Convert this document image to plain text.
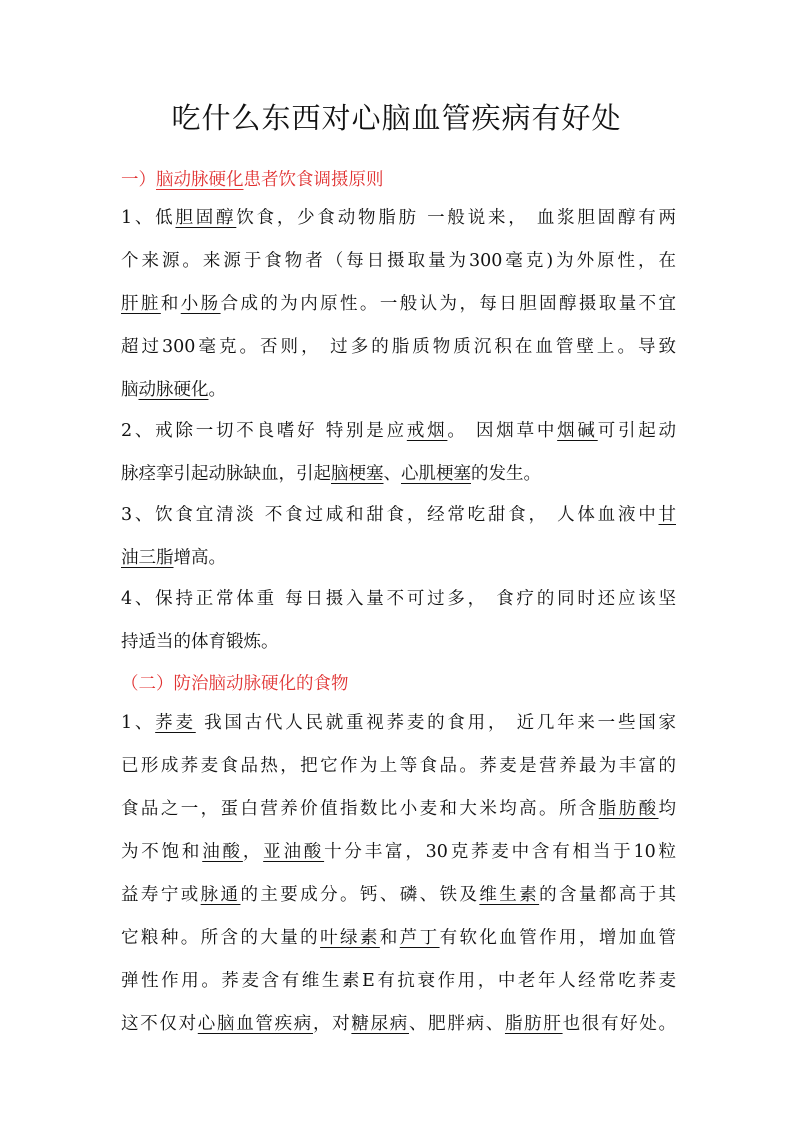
吃什么东西对心脑血管疾病有好处
一）脑动脉硬化患者饮食调摄原则
1、低胆固醇饮食，少食动物脂肪 一般说来， 血浆胆固醇有两
个来源。来源于食物者（每日摄取量为300毫克)为外原性，在
肝脏和小肠合成的为内原性。一般认为，每日胆固醇摄取量不宜
超过300毫克。否则， 过多的脂质物质沉积在血管壁上。导致
脑动脉硬化。
2、戒除一切不良嗜好 特别是应戒烟。 因烟草中烟碱可引起动
脉痉挛引起动脉缺血，引起脑梗塞、心肌梗塞的发生。
3、饮食宜清淡 不食过咸和甜食，经常吃甜食， 人体血液中甘
油三脂增高。
4、保持正常体重 每日摄入量不可过多， 食疗的同时还应该坚
持适当的体育锻炼。
（二）防治脑动脉硬化的食物
1、荞麦 我国古代人民就重视荞麦的食用， 近几年来一些国家
已形成荞麦食品热，把它作为上等食品。荞麦是营养最为丰富的
食品之一，蛋白营养价值指数比小麦和大米均高。所含脂肪酸均
为不饱和油酸，亚油酸十分丰富，30克荞麦中含有相当于10粒
益寿宁或脉通的主要成分。钙、磷、铁及维生素的含量都高于其
它粮种。所含的大量的叶绿素和芦丁有软化血管作用，增加血管
弹性作用。荞麦含有维生素E有抗衰作用，中老年人经常吃荞麦
这不仅对心脑血管疾病，对糖尿病、肥胖病、脂肪肝也很有好处。
